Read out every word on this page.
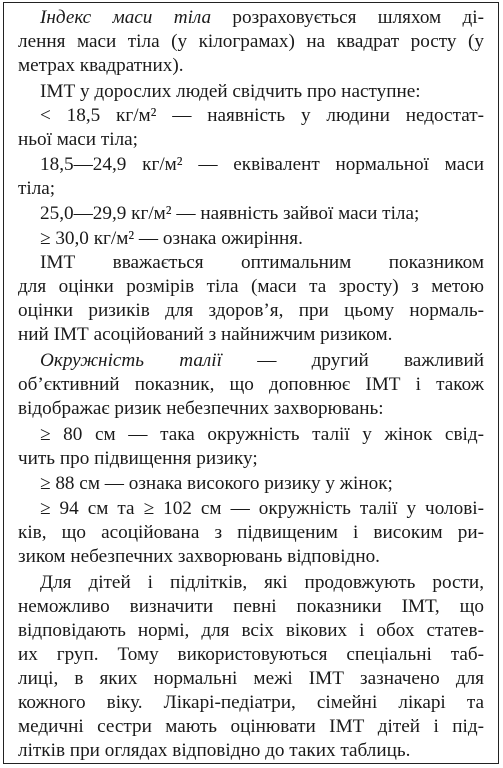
Індекс маси тіла розраховується шляхом ді-
лення маси тіла (у кілограмах) на квадрат росту (у
метрах квадратних).
ІМТ у дорослих людей свідчить про наступне:
< 18,5 кг/м² — наявність у людини недостат-
ньої маси тіла;
18,5—24,9 кг/м² — еквівалент нормальної маси
тіла;
25,0—29,9 кг/м² — наявність зайвої маси тіла;
≥ 30,0 кг/м² — ознака ожиріння.
ІМТ вважається оптимальним показником
для оцінки розмірів тіла (маси та зросту) з метою
оцінки ризиків для здоров’я, при цьому нормаль-
ний ІМТ асоційований з найнижчим ризиком.
Окружність талії — другий важливий
об’єктивний показник, що доповнює ІМТ і також
відображає ризик небезпечних захворювань:
≥ 80 см — така окружність талії у жінок свід-
чить про підвищення ризику;
≥ 88 см — ознака високого ризику у жінок;
≥ 94 см та ≥ 102 см — окружність талії у чолові-
ків, що асоційована з підвищеним і високим ри-
зиком небезпечних захворювань відповідно.
Для дітей і підлітків, які продовжують рости,
неможливо визначити певні показники ІМТ, що
відповідають нормі, для всіх вікових і обох статев-
их груп. Тому використовуються спеціальні таб-
лиці, в яких нормальні межі ІМТ зазначено для
кожного віку. Лікарі-педіатри, сімейні лікарі та
медичні сестри мають оцінювати ІМТ дітей і під-
літків при оглядах відповідно до таких таблиць.
